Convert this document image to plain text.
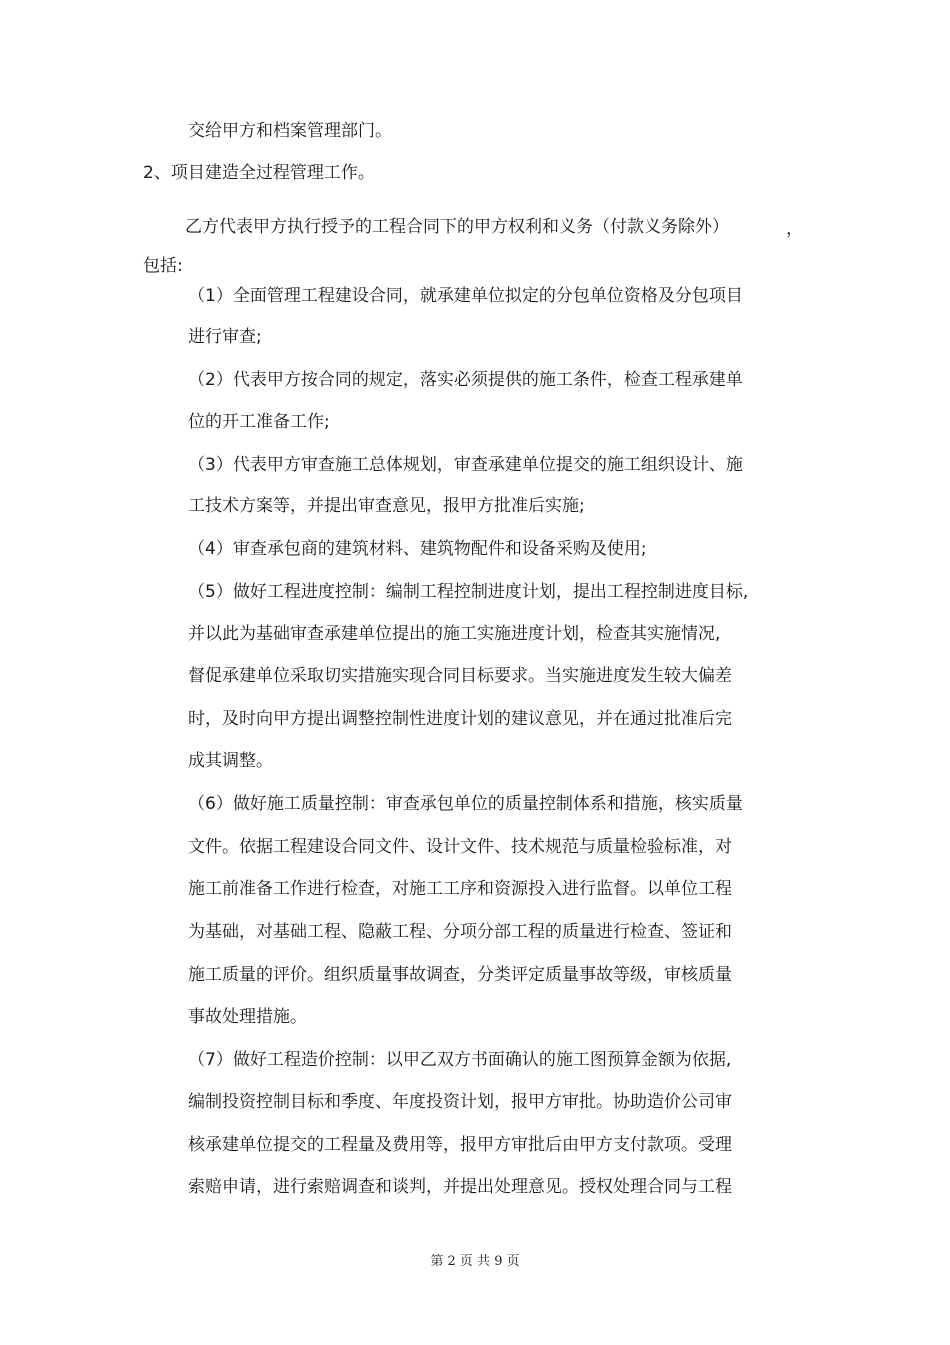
交给甲方和档案管理部门。
2、项目建造全过程管理工作。
乙方代表甲方执行授予的工程合同下的甲方权利和义务（付款义务除外）	，
包括:
（1）全面管理工程建设合同，就承建单位拟定的分包单位资格及分包项目
进行审查;
（2）代表甲方按合同的规定，落实必须提供的施工条件，检查工程承建单
位的开工准备工作;
（3）代表甲方审查施工总体规划，审查承建单位提交的施工组织设计、施
工技术方案等，并提出审查意见，报甲方批准后实施;
（4）审查承包商的建筑材料、建筑物配件和设备采购及使用;
（5）做好工程进度控制：编制工程控制进度计划，提出工程控制进度目标,
并以此为基础审查承建单位提出的施工实施进度计划，检查其实施情况,
督促承建单位采取切实措施实现合同目标要求。当实施进度发生较大偏差
时，及时向甲方提出调整控制性进度计划的建议意见，并在通过批准后完
成其调整。
（6）做好施工质量控制：审查承包单位的质量控制体系和措施，核实质量
文件。依据工程建设合同文件、设计文件、技术规范与质量检验标准，对
施工前准备工作进行检查，对施工工序和资源投入进行监督。以单位工程
为基础，对基础工程、隐蔽工程、分项分部工程的质量进行检查、签证和
施工质量的评价。组织质量事故调查，分类评定质量事故等级，审核质量
事故处理措施。
（7）做好工程造价控制：以甲乙双方书面确认的施工图预算金额为依据,
编制投资控制目标和季度、年度投资计划，报甲方审批。协助造价公司审
核承建单位提交的工程量及费用等，报甲方审批后由甲方支付款项。受理
索赔申请，进行索赔调查和谈判，并提出处理意见。授权处理合同与工程
第 2 页 共 9 页
